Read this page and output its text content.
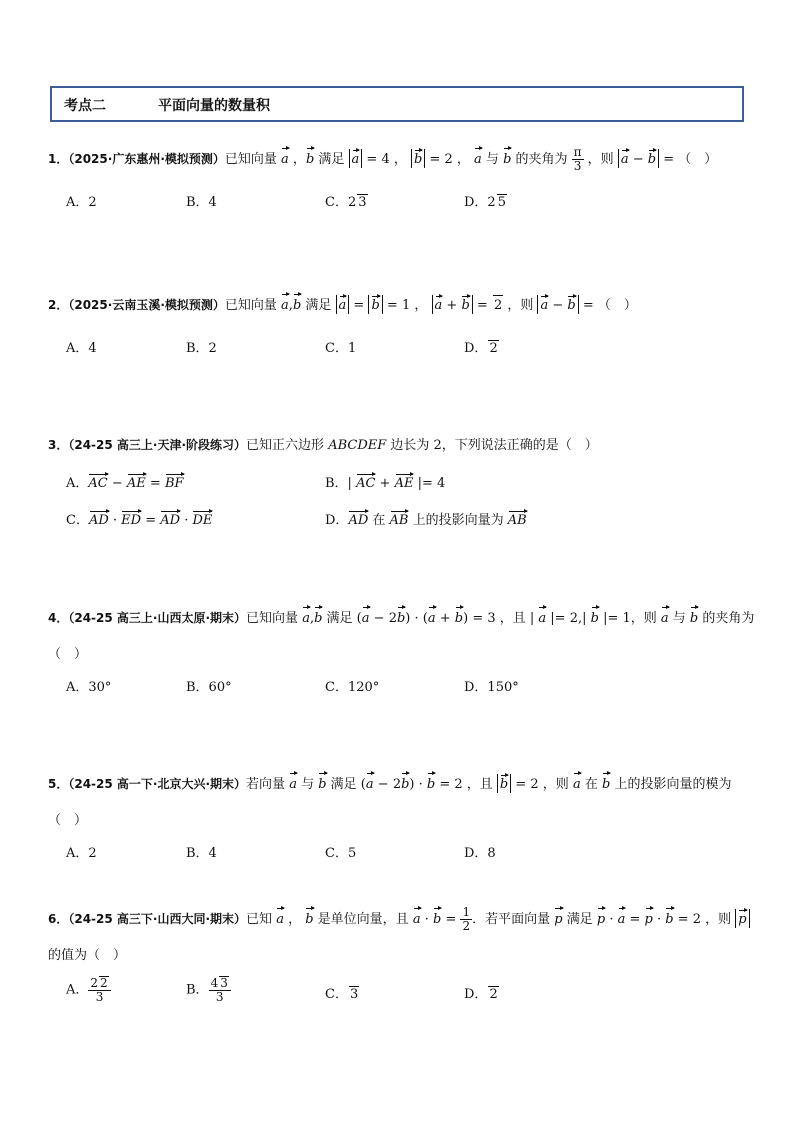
考点二	平面向量的数量积
1．（2025·广东惠州·模拟预测）已知向量 a ，b 满足 a = 4 ， b = 2 ， a 与 b 的夹角为 $\frac{\pi}{3}$ ，则 a − b = （　）
A．2	B．4	C．2 3	D．2 5
2．（2025·云南玉溪·模拟预测）已知向量 a,b 满足 a = b = 1 ， a + b = 2 ，则 a − b = （　）
A．4	B．2	C．1	D． 2
3．（24-25 高三上·天津·阶段练习）已知正六边形 ABCDEF 边长为 2，下列说法正确的是（　）
A．AC − AE = BF	B．| AC + AE |= 4
C．AD · ED = AD · DE	D．AD 在 AB 上的投影向量为 AB
4．（24-25 高三上·山西太原·期末）已知向量 a,b 满足 (a − 2b) · (a + b) = 3 ，且 | a |= 2,| b |= 1，则 a 与 b 的夹角为
（　）
A．30°	B．60°	C．120°	D．150°
5．（24-25 高一下·北京大兴·期末）若向量 a 与 b 满足 (a − 2b) · b = 2 ，且 b = 2 ，则 a 在 b 上的投影向量的模为
（　）
A．2	B．4	C．5	D．8
6．（24-25 高三下·山西大同·期末）已知 a ， b 是单位向量，且 $a \cdot b = \frac{1}{2}$ ．若平面向量 p 满足 p · a = p · b = 2 ，则 p
的值为（　）
A． $\frac{2 2}{3}$	B． $\frac{4 3}{3}$	C． 3	D． 2
